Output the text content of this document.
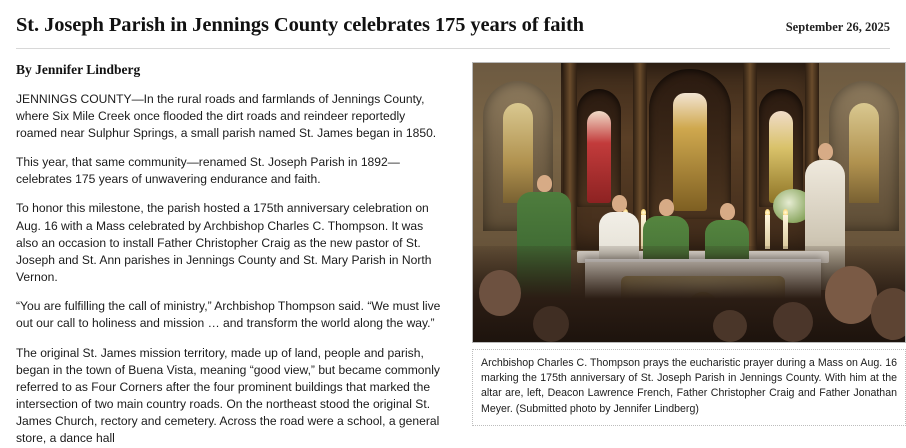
St. Joseph Parish in Jennings County celebrates 175 years of faith	September 26, 2025

By Jennifer Lindberg

JENNINGS COUNTY—In the rural roads and farmlands of Jennings County, where Six Mile Creek once flooded the dirt roads and reindeer reportedly roamed near Sulphur Springs, a small parish named St. James began in 1850.

This year, that same community—renamed St. Joseph Parish in 1892—celebrates 175 years of unwavering endurance and faith.

To honor this milestone, the parish hosted a 175th anniversary celebration on Aug. 16 with a Mass celebrated by Archbishop Charles C. Thompson. It was also an occasion to install Father Christopher Craig as the new pastor of St. Joseph and St. Ann parishes in Jennings County and St. Mary Parish in North Vernon.

“You are fulfilling the call of ministry,” Archbishop Thompson said. “We must live out our call to holiness and mission … and transform the world along the way.”

The original St. James mission territory, made up of land, people and parish, began in the town of Buena Vista, meaning “good view,” but became commonly referred to as Four Corners after the four prominent buildings that marked the intersection of two main country roads. On the northeast stood the original St. James Church, rectory and cemetery. Across the road were a school, a general store, a dance hall

Archbishop Charles C. Thompson prays the eucharistic prayer during a Mass on Aug. 16 marking the 175th anniversary of St. Joseph Parish in Jennings County. With him at the altar are, left, Deacon Lawrence French, Father Christopher Craig and Father Jonathan Meyer. (Submitted photo by Jennifer Lindberg)
